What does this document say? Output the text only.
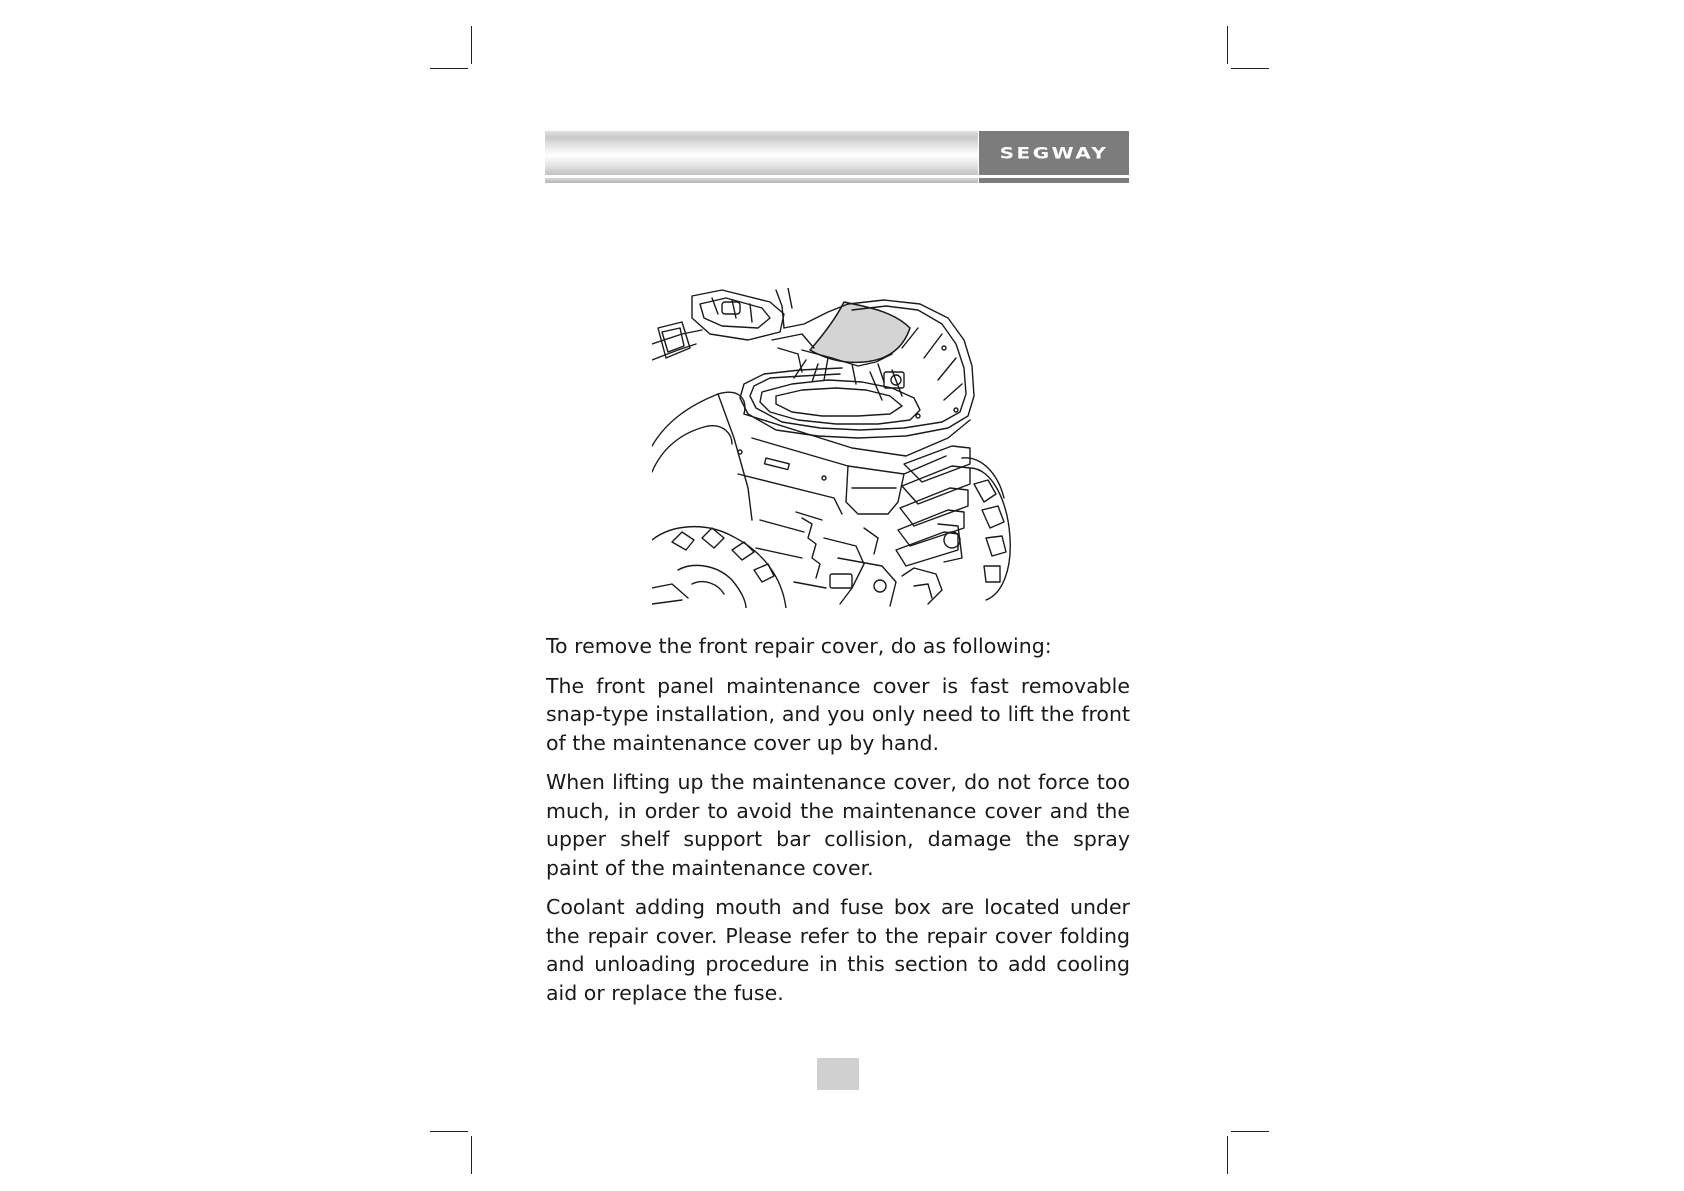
SEGWAY

To remove the front repair cover, do as following:

The front panel maintenance cover is fast removable snap-type installation, and you only need to lift the front of the maintenance cover up by hand.

When lifting up the maintenance cover, do not force too much, in order to avoid the maintenance cover and the upper shelf support bar collision, damage the spray paint of the maintenance cover.

Coolant adding mouth and fuse box are located under the repair cover. Please refer to the repair cover folding and unloading procedure in this section to add cooling aid or replace the fuse.
